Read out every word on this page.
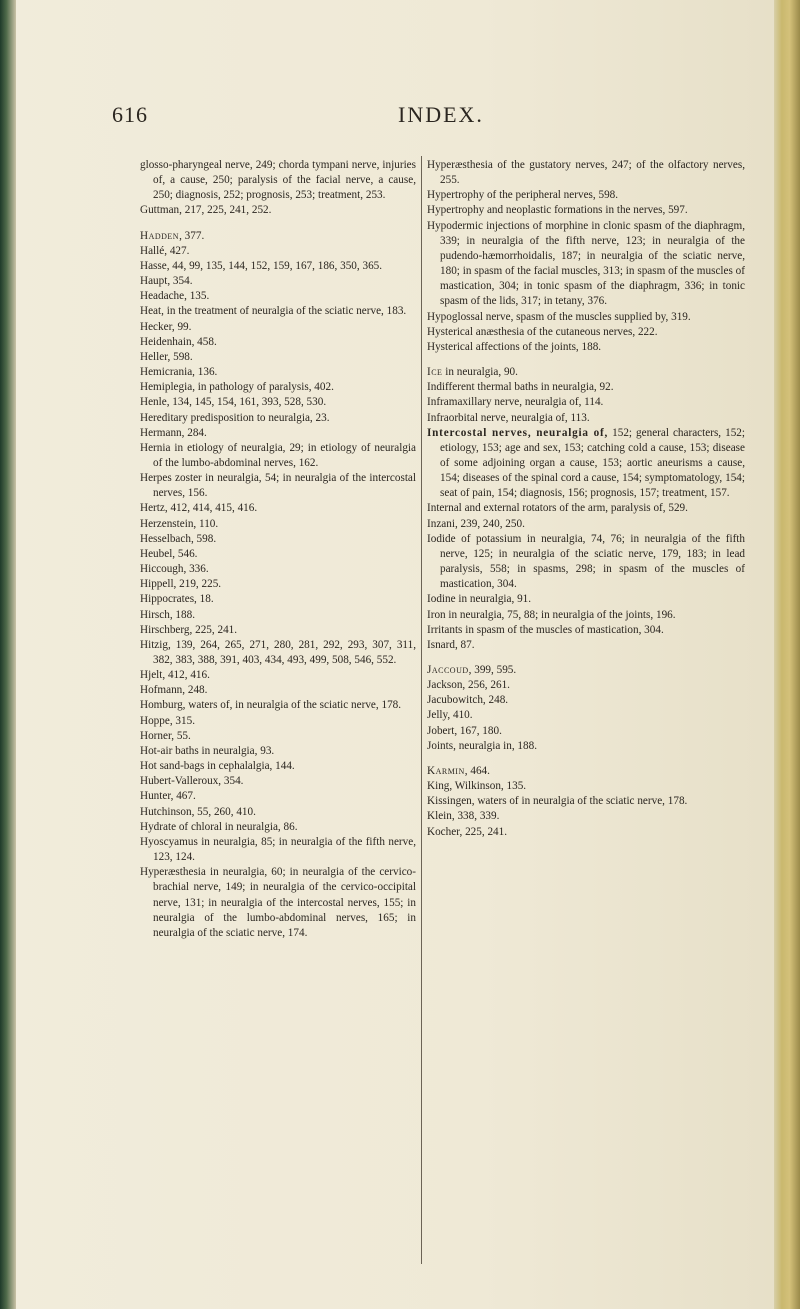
616	INDEX.
glosso-pharyngeal nerve, 249; chorda tympani nerve, injuries of, a cause, 250; paralysis of the facial nerve, a cause, 250; diagnosis, 252; prognosis, 253; treatment, 253.
Guttman, 217, 225, 241, 252.
Hadden, 377.
Hallé, 427.
Hasse, 44, 99, 135, 144, 152, 159, 167, 186, 350, 365.
Haupt, 354.
Headache, 135.
Heat, in the treatment of neuralgia of the sciatic nerve, 183.
Hecker, 99.
Heidenhain, 458.
Heller, 598.
Hemicrania, 136.
Hemiplegia, in pathology of paralysis, 402.
Henle, 134, 145, 154, 161, 393, 528, 530.
Hereditary predisposition to neuralgia, 23.
Hermann, 284.
Hernia in etiology of neuralgia, 29; in etiology of neuralgia of the lumbo-abdominal nerves, 162.
Herpes zoster in neuralgia, 54; in neuralgia of the intercostal nerves, 156.
Hertz, 412, 414, 415, 416.
Herzenstein, 110.
Hesselbach, 598.
Heubel, 546.
Hiccough, 336.
Hippell, 219, 225.
Hippocrates, 18.
Hirsch, 188.
Hirschberg, 225, 241.
Hitzig, 139, 264, 265, 271, 280, 281, 292, 293, 307, 311, 382, 383, 388, 391, 403, 434, 493, 499, 508, 546, 552.
Hjelt, 412, 416.
Hofmann, 248.
Homburg, waters of, in neuralgia of the sciatic nerve, 178.
Hoppe, 315.
Horner, 55.
Hot-air baths in neuralgia, 93.
Hot sand-bags in cephalalgia, 144.
Hubert-Valleroux, 354.
Hunter, 467.
Hutchinson, 55, 260, 410.
Hydrate of chloral in neuralgia, 86.
Hyoscyamus in neuralgia, 85; in neuralgia of the fifth nerve, 123, 124.
Hyperæsthesia in neuralgia, 60; in neuralgia of the cervico-brachial nerve, 149; in neuralgia of the cervico-occipital nerve, 131; in neuralgia of the intercostal nerves, 155; in neuralgia of the lumbo-abdominal nerves, 165; in neuralgia of the sciatic nerve, 174.
Hyperæsthesia of the gustatory nerves, 247; of the olfactory nerves, 255.
Hypertrophy of the peripheral nerves, 598.
Hypertrophy and neoplastic formations in the nerves, 597.
Hypodermic injections of morphine in clonic spasm of the diaphragm, 339; in neuralgia of the fifth nerve, 123; in neuralgia of the pudendo-hæmorrhoidalis, 187; in neuralgia of the sciatic nerve, 180; in spasm of the facial muscles, 313; in spasm of the muscles of mastication, 304; in tonic spasm of the diaphragm, 336; in tonic spasm of the lids, 317; in tetany, 376.
Hypoglossal nerve, spasm of the muscles supplied by, 319.
Hysterical anæsthesia of the cutaneous nerves, 222.
Hysterical affections of the joints, 188.
Ice in neuralgia, 90.
Indifferent thermal baths in neuralgia, 92.
Inframaxillary nerve, neuralgia of, 114.
Infraorbital nerve, neuralgia of, 113.
Intercostal nerves, neuralgia of, 152; general characters, 152; etiology, 153; age and sex, 153; catching cold a cause, 153; disease of some adjoining organ a cause, 153; aortic aneurisms a cause, 154; diseases of the spinal cord a cause, 154; symptomatology, 154; seat of pain, 154; diagnosis, 156; prognosis, 157; treatment, 157.
Internal and external rotators of the arm, paralysis of, 529.
Inzani, 239, 240, 250.
Iodide of potassium in neuralgia, 74, 76; in neuralgia of the fifth nerve, 125; in neuralgia of the sciatic nerve, 179, 183; in lead paralysis, 558; in spasms, 298; in spasm of the muscles of mastication, 304.
Iodine in neuralgia, 91.
Iron in neuralgia, 75, 88; in neuralgia of the joints, 196.
Irritants in spasm of the muscles of mastication, 304.
Isnard, 87.
Jaccoud, 399, 595.
Jackson, 256, 261.
Jacubowitch, 248.
Jelly, 410.
Jobert, 167, 180.
Joints, neuralgia in, 188.
Karmin, 464.
King, Wilkinson, 135.
Kissingen, waters of in neuralgia of the sciatic nerve, 178.
Klein, 338, 339.
Kocher, 225, 241.
